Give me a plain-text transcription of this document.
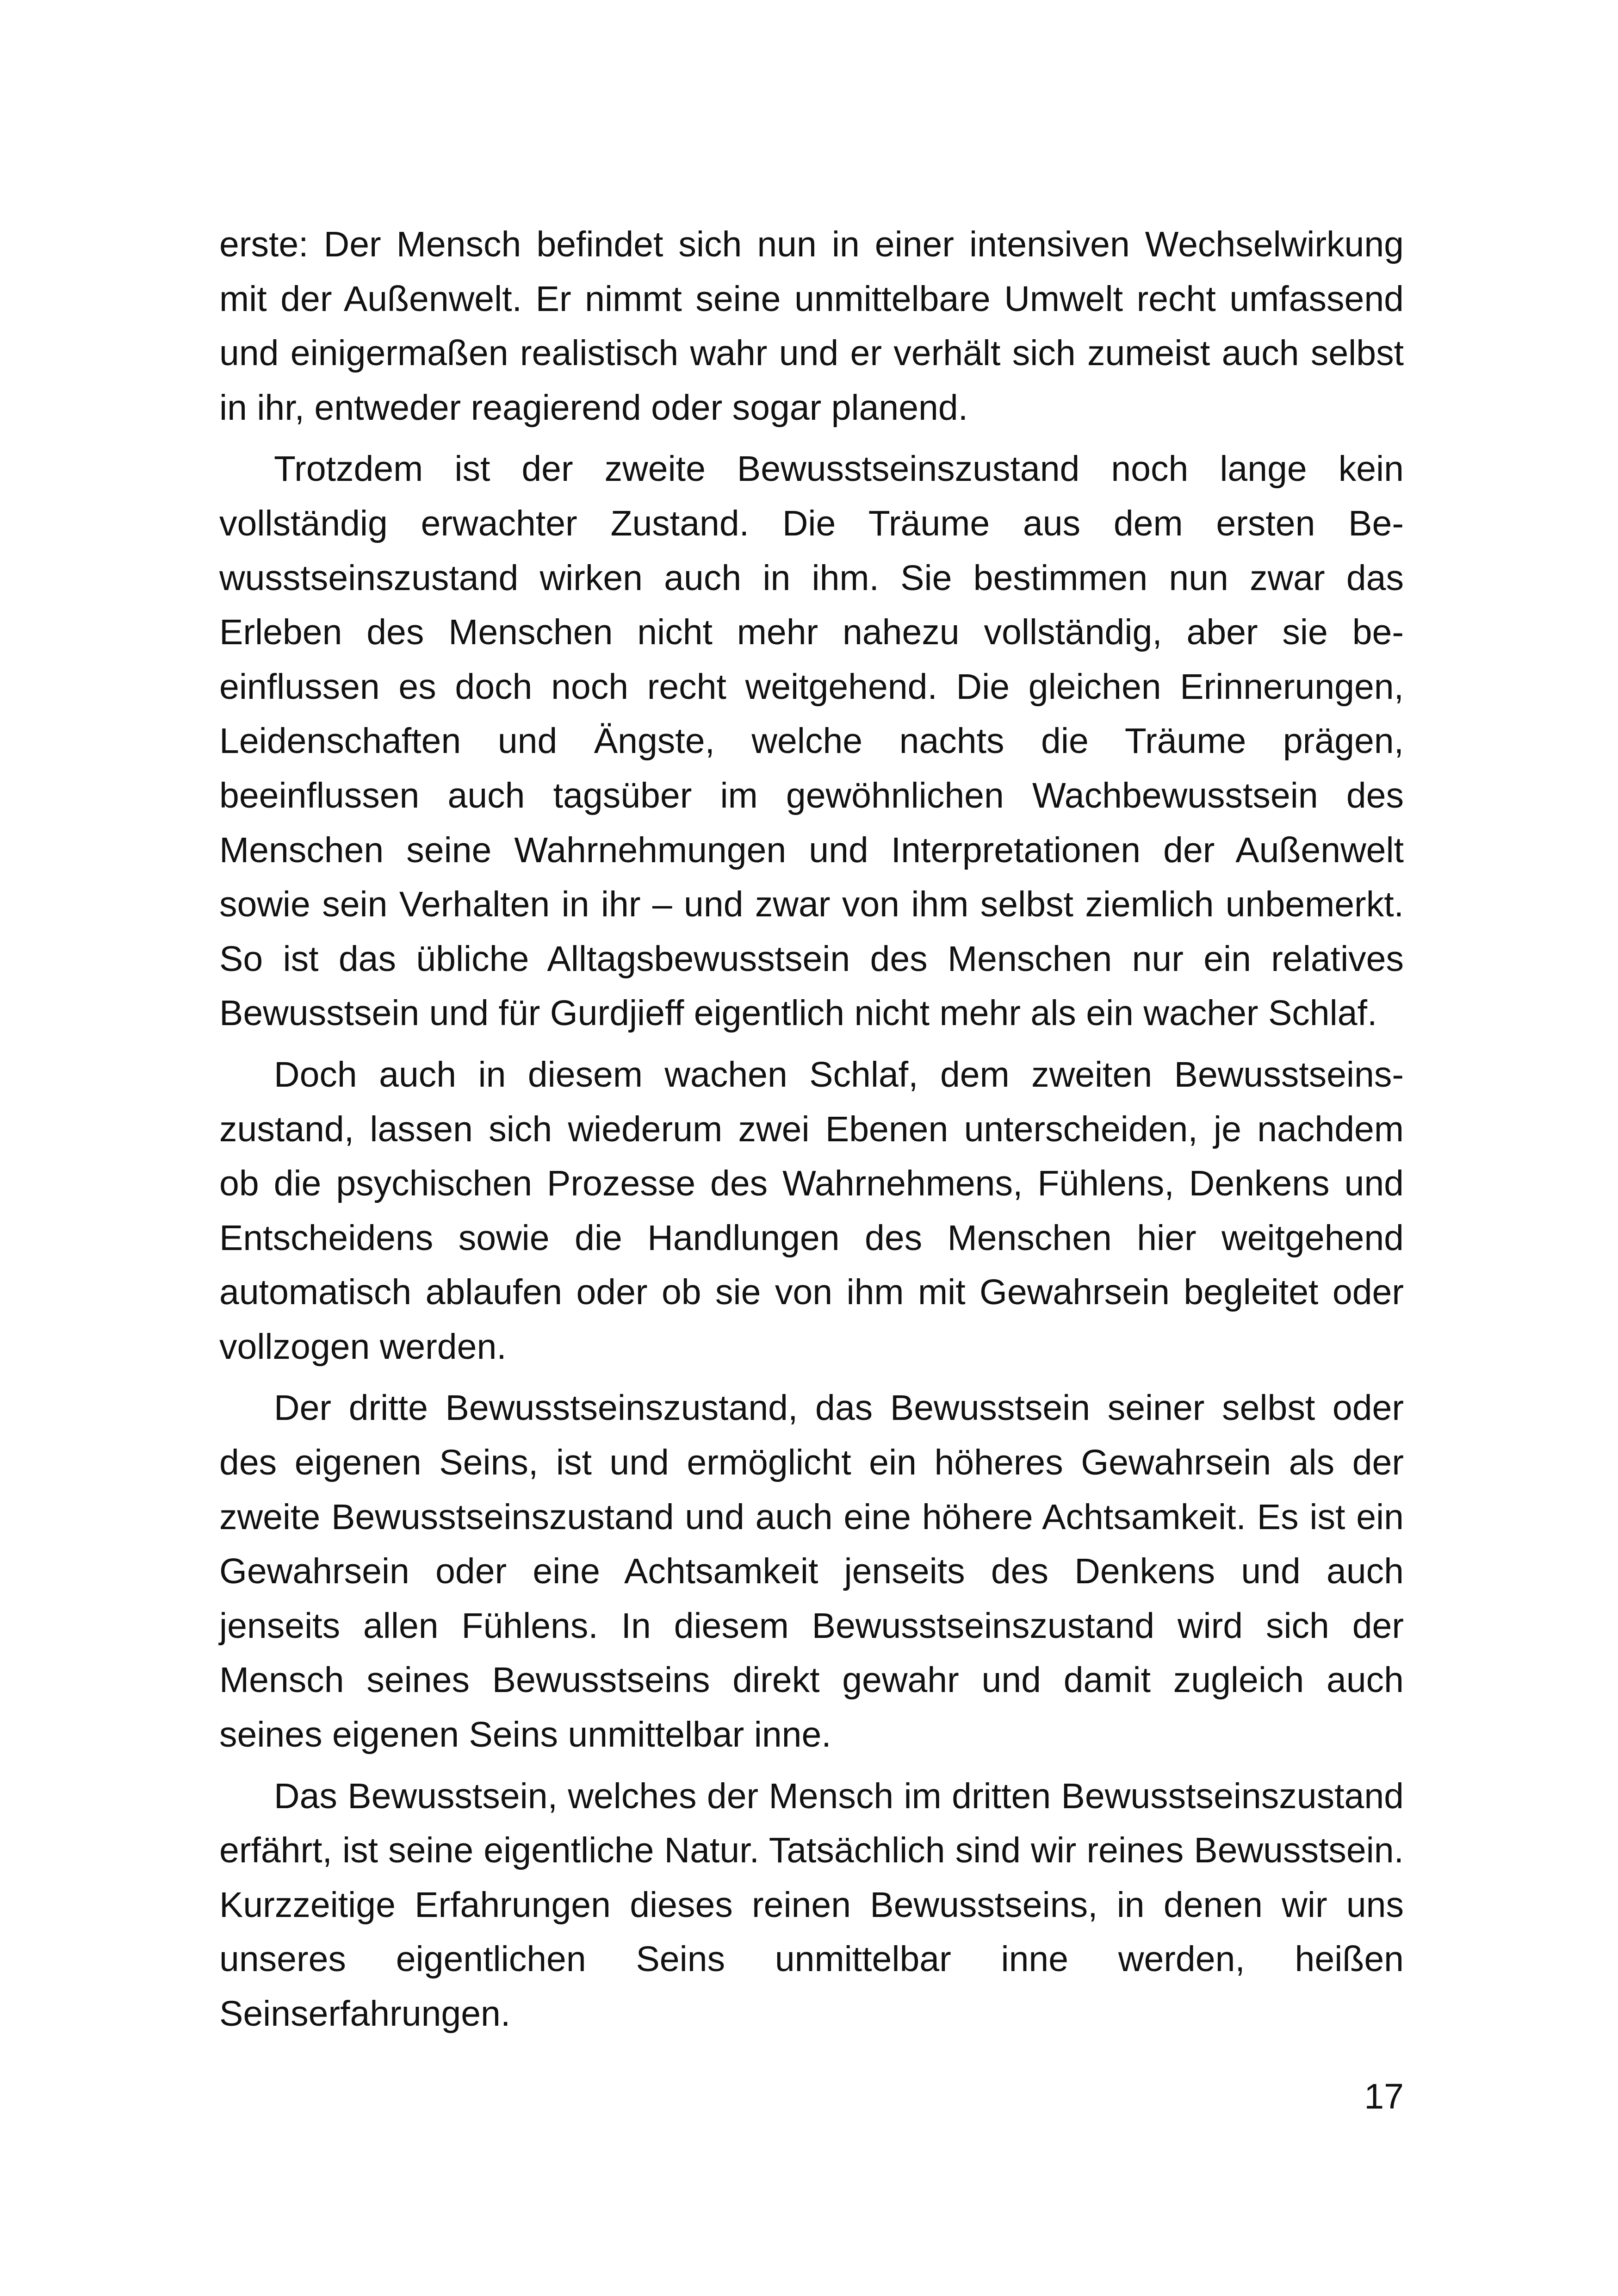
erste: Der Mensch befindet sich nun in einer intensiven Wechselwirkung mit der Außenwelt. Er nimmt seine unmittelbare Umwelt recht umfassend und einigermaßen realistisch wahr und er verhält sich zumeist auch selbst in ihr, entweder reagierend oder sogar planend.

Trotzdem ist der zweite Bewusstseinszustand noch lange kein vollständig erwachter Zustand. Die Träume aus dem ersten Bewusstseinszustand wirken auch in ihm. Sie bestimmen nun zwar das Erleben des Menschen nicht mehr nahezu vollständig, aber sie beeinflussen es doch noch recht weitgehend. Die gleichen Erinnerungen, Leidenschaften und Ängste, welche nachts die Träume prägen, beeinflussen auch tagsüber im gewöhnlichen Wachbewusstsein des Menschen seine Wahrnehmungen und Interpretationen der Außenwelt sowie sein Verhalten in ihr – und zwar von ihm selbst ziemlich unbemerkt. So ist das übliche Alltagsbewusstsein des Menschen nur ein relatives Bewusstsein und für Gurdjieff eigentlich nicht mehr als ein wacher Schlaf.

Doch auch in diesem wachen Schlaf, dem zweiten Bewusstseinszustand, lassen sich wiederum zwei Ebenen unterscheiden, je nachdem ob die psychischen Prozesse des Wahrnehmens, Fühlens, Denkens und Entscheidens sowie die Handlungen des Menschen hier weitgehend automatisch ablaufen oder ob sie von ihm mit Gewahrsein begleitet oder vollzogen werden.

Der dritte Bewusstseinszustand, das Bewusstsein seiner selbst oder des eigenen Seins, ist und ermöglicht ein höheres Gewahrsein als der zweite Bewusstseinszustand und auch eine höhere Achtsamkeit. Es ist ein Gewahrsein oder eine Achtsamkeit jenseits des Denkens und auch jenseits allen Fühlens. In diesem Bewusstseinszustand wird sich der Mensch seines Bewusstseins direkt gewahr und damit zugleich auch seines eigenen Seins unmittelbar inne.

Das Bewusstsein, welches der Mensch im dritten Bewusstseinszustand erfährt, ist seine eigentliche Natur. Tatsächlich sind wir reines Bewusstsein. Kurzzeitige Erfahrungen dieses reinen Bewusstseins, in denen wir uns unseres eigentlichen Seins unmittelbar inne werden, heißen Seinserfahrungen.

17
